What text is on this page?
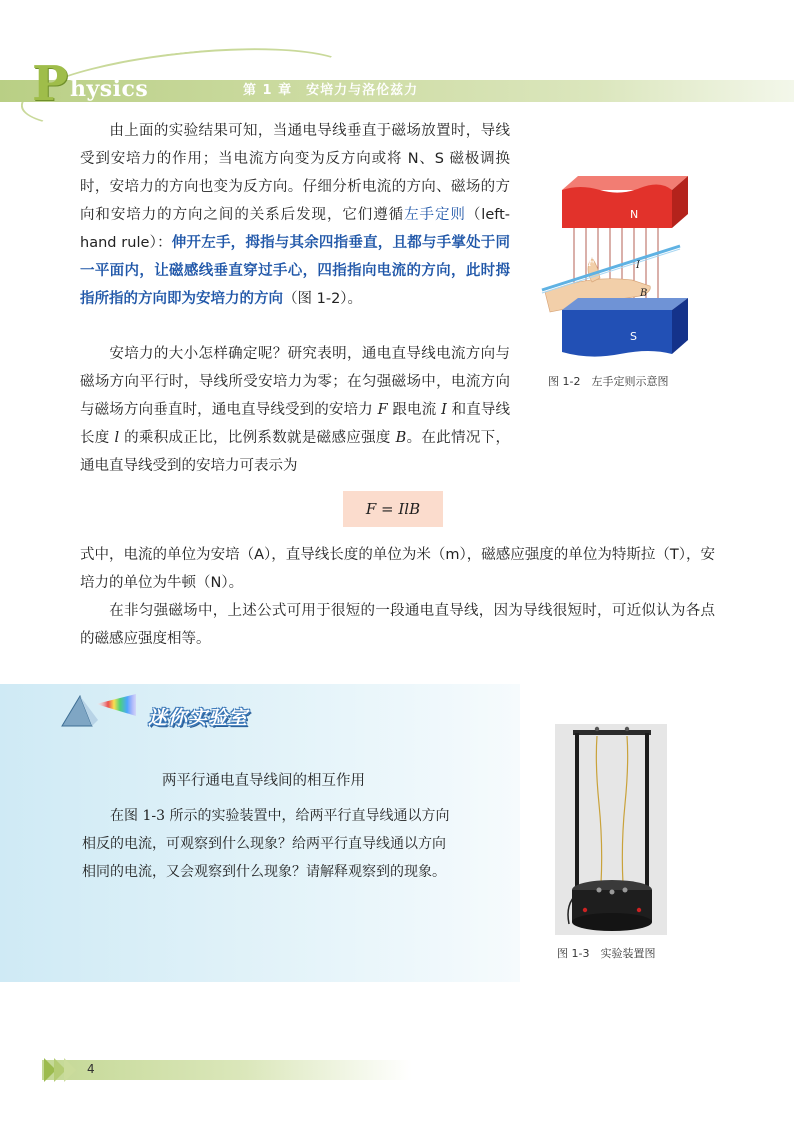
P hysics	第 1 章　安培力与洛伦兹力

由上面的实验结果可知，当通电导线垂直于磁场放置时，导线受到安培力的作用；当电流方向变为反方向或将 N、S 磁极调换时，安培力的方向也变为反方向。仔细分析电流的方向、磁场的方向和安培力的方向之间的关系后发现，它们遵循左手定则（left-hand rule）：伸开左手，拇指与其余四指垂直，且都与手掌处于同一平面内，让磁感线垂直穿过手心，四指指向电流的方向，此时拇指所指的方向即为安培力的方向（图 1-2）。

N
S
F	I
B
图 1-2　左手定则示意图

安培力的大小怎样确定呢？研究表明，通电直导线电流方向与磁场方向平行时，导线所受安培力为零；在匀强磁场中，电流方向与磁场方向垂直时，通电直导线受到的安培力 F 跟电流 I 和直导线长度 l 的乘积成正比，比例系数就是磁感应强度 B。在此情况下，通电直导线受到的安培力可表示为

F = IlB

式中，电流的单位为安培（A），直导线长度的单位为米（m），磁感应强度的单位为特斯拉（T），安培力的单位为牛顿（N）。

在非匀强磁场中，上述公式可用于很短的一段通电直导线，因为导线很短时，可近似认为各点的磁感应强度相等。

迷你实验室
两平行通电直导线间的相互作用

在图 1-3 所示的实验装置中，给两平行直导线通以方向相反的电流，可观察到什么现象？给两平行直导线通以方向相同的电流，又会观察到什么现象？请解释观察到的现象。

图 1-3　实验装置图
4
